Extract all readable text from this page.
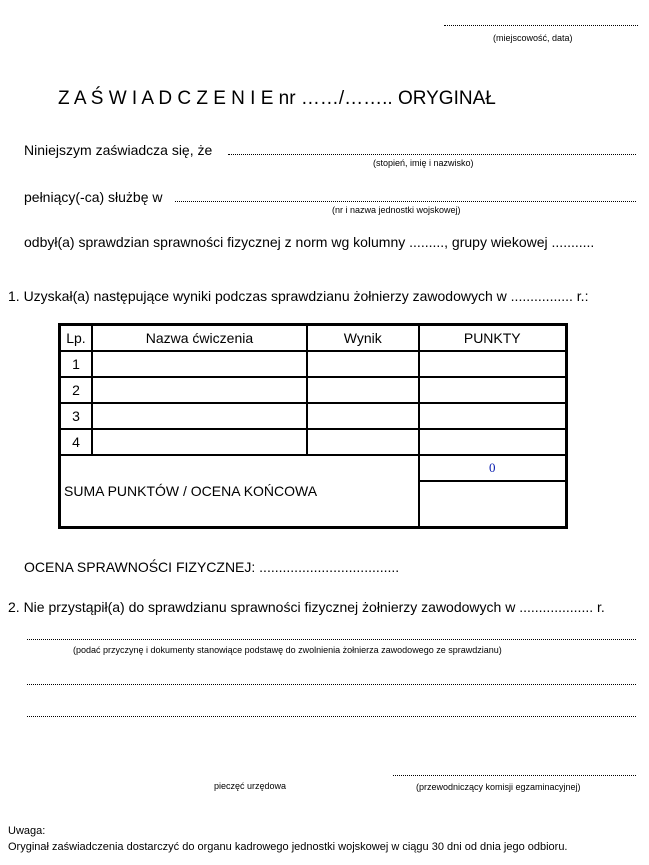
(miejscowość, data)
Z A Ś W I A D C Z E N I E nr ……/…….. ORYGINAŁ
Niniejszym zaświadcza się, że
(stopień, imię i nazwisko)
pełniący(-ca) służbę w
(nr i nazwa jednostki wojskowej)
odbył(a) sprawdzian sprawności fizycznej z norm wg kolumny ........., grupy wiekowej ...........
1. Uzyskał(a) następujące wyniki podczas sprawdzianu żołnierzy zawodowych w ................ r.:
Lp.	Nazwa ćwiczenia	Wynik	PUNKTY
1			
2			
3			
4			
SUMA PUNKTÓW / OCENA KOŃCOWA			0

OCENA SPRAWNOŚCI FIZYCZNEJ: ....................................
2. Nie przystąpił(a) do sprawdzianu sprawności fizycznej żołnierzy zawodowych w ................... r.
(podać przyczynę i dokumenty stanowiące podstawę do zwolnienia żołnierza zawodowego ze sprawdzianu)
pieczęć urzędowa	(przewodniczący komisji egzaminacyjnej)
Uwaga:
Oryginał zaświadczenia dostarczyć do organu kadrowego jednostki wojskowej w ciągu 30 dni od dnia jego odbioru.
